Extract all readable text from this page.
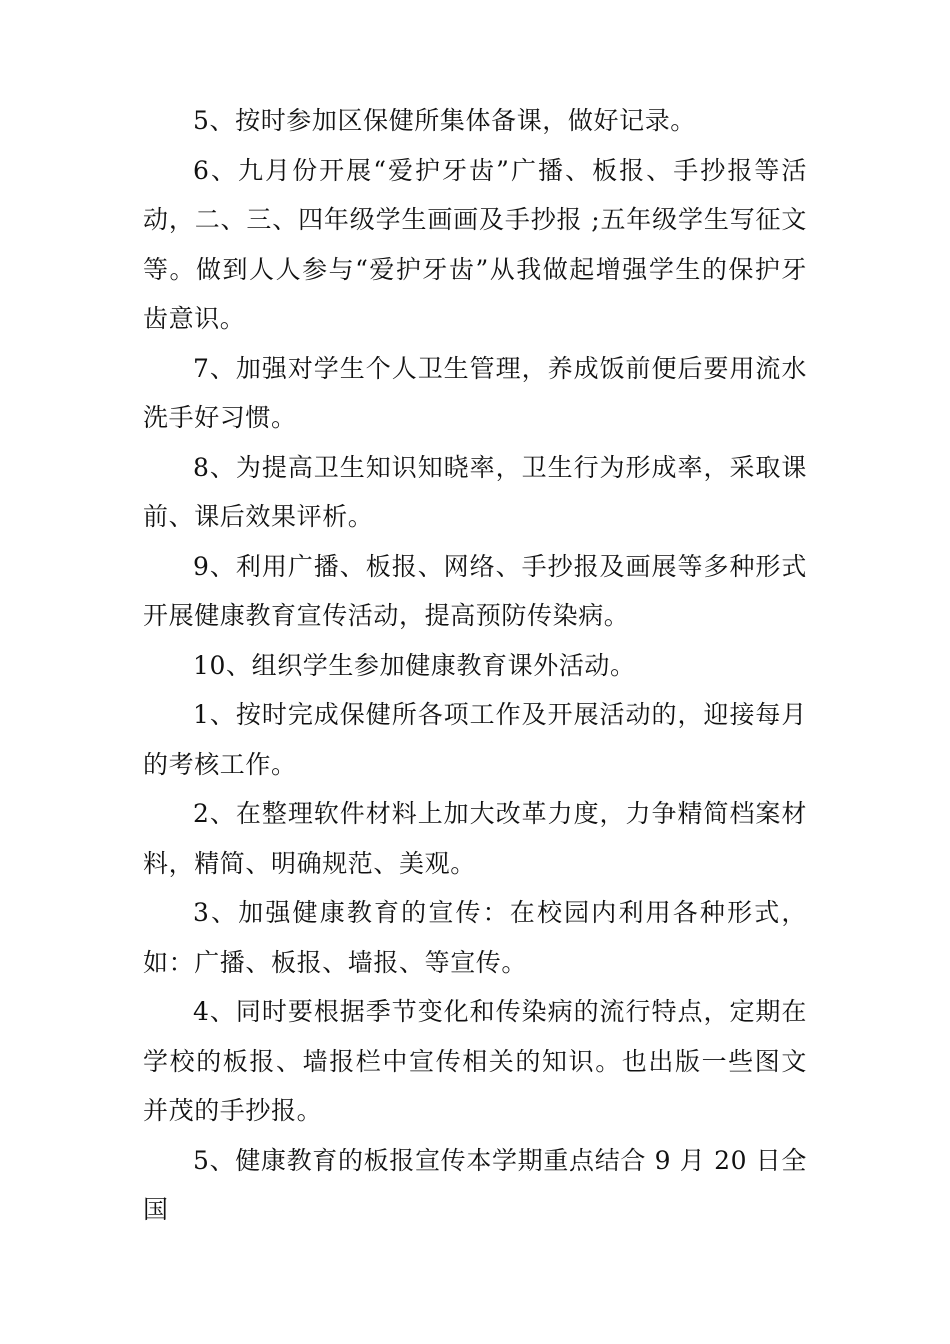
5、按时参加区保健所集体备课，做好记录。

6、九月份开展“爱护牙齿”广播、板报、手抄报等活动，二、三、四年级学生画画及手抄报 ;五年级学生写征文等。做到人人参与“爱护牙齿”从我做起增强学生的保护牙齿意识。

7、加强对学生个人卫生管理，养成饭前便后要用流水洗手好习惯。

8、为提高卫生知识知晓率，卫生行为形成率，采取课前、课后效果评析。

9、利用广播、板报、网络、手抄报及画展等多种形式开展健康教育宣传活动，提高预防传染病。

10、组织学生参加健康教育课外活动。

1、按时完成保健所各项工作及开展活动的，迎接每月的考核工作。

2、在整理软件材料上加大改革力度，力争精简档案材料，精简、明确规范、美观。

3、加强健康教育的宣传：在校园内利用各种形式，如：广播、板报、墙报、等宣传。

4、同时要根据季节变化和传染病的流行特点，定期在学校的板报、墙报栏中宣传相关的知识。也出版一些图文并茂的手抄报。

5、健康教育的板报宣传本学期重点结合 9 月 20 日全国
